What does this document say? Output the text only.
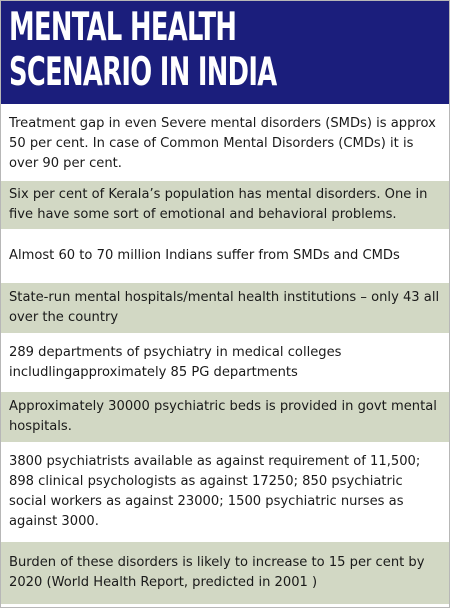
MENTAL HEALTH
SCENARIO IN INDIA
Treatment gap in even Severe mental disorders (SMDs) is approx 50 per cent. In case of Common Mental Disorders (CMDs) it is over 90 per cent.
Six per cent of Kerala’s population has mental disorders. One in five have some sort of emotional and behavioral problems.
Almost 60 to 70 million Indians suffer from SMDs and CMDs
State-run mental hospitals/mental health institutions – only 43 all over the country
289 departments of psychiatry in medical colleges includlingapproximately 85 PG departments
Approximately 30000 psychiatric beds is provided in govt mental hospitals.
3800 psychiatrists available as against requirement of 11,500; 898 clinical psychologists as against 17250; 850 psychiatric social workers as against 23000; 1500 psychiatric nurses as against 3000.
Burden of these disorders is likely to increase to 15 per cent by 2020 (World Health Report, predicted in 2001 )
